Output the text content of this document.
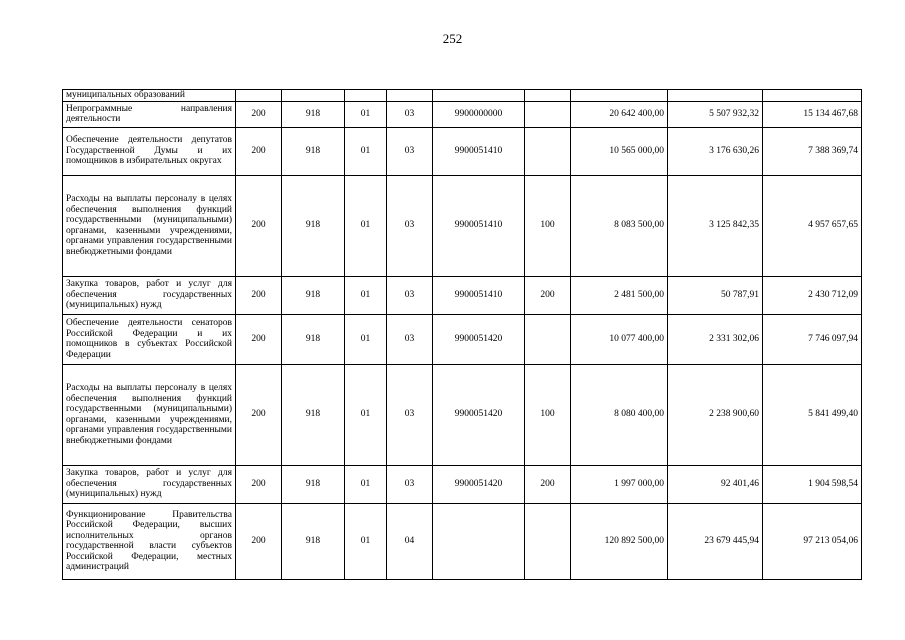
252
муниципальных образований									
Непрограммные направления деятельности	200	918	01	03	9900000000		20 642 400,00	5 507 932,32	15 134 467,68
Обеспечение деятельности депутатов Государственной Думы и их помощников в избирательных округах	200	918	01	03	9900051410		10 565 000,00	3 176 630,26	7 388 369,74
Расходы на выплаты персоналу в целях обеспечения выполнения функций государственными (муниципальными) органами, казенными учреждениями, органами управления государственными внебюджетными фондами	200	918	01	03	9900051410	100	8 083 500,00	3 125 842,35	4 957 657,65
Закупка товаров, работ и услуг для обеспечения государственных (муниципальных) нужд	200	918	01	03	9900051410	200	2 481 500,00	50 787,91	2 430 712,09
Обеспечение деятельности сенаторов Российской Федерации и их помощников в субъектах Российской Федерации	200	918	01	03	9900051420		10 077 400,00	2 331 302,06	7 746 097,94
Расходы на выплаты персоналу в целях обеспечения выполнения функций государственными (муниципальными) органами, казенными учреждениями, органами управления государственными внебюджетными фондами	200	918	01	03	9900051420	100	8 080 400,00	2 238 900,60	5 841 499,40
Закупка товаров, работ и услуг для обеспечения государственных (муниципальных) нужд	200	918	01	03	9900051420	200	1 997 000,00	92 401,46	1 904 598,54
Функционирование Правительства Российской Федерации, высших исполнительных органов государственной власти субъектов Российской Федерации, местных администраций	200	918	01	04			120 892 500,00	23 679 445,94	97 213 054,06
